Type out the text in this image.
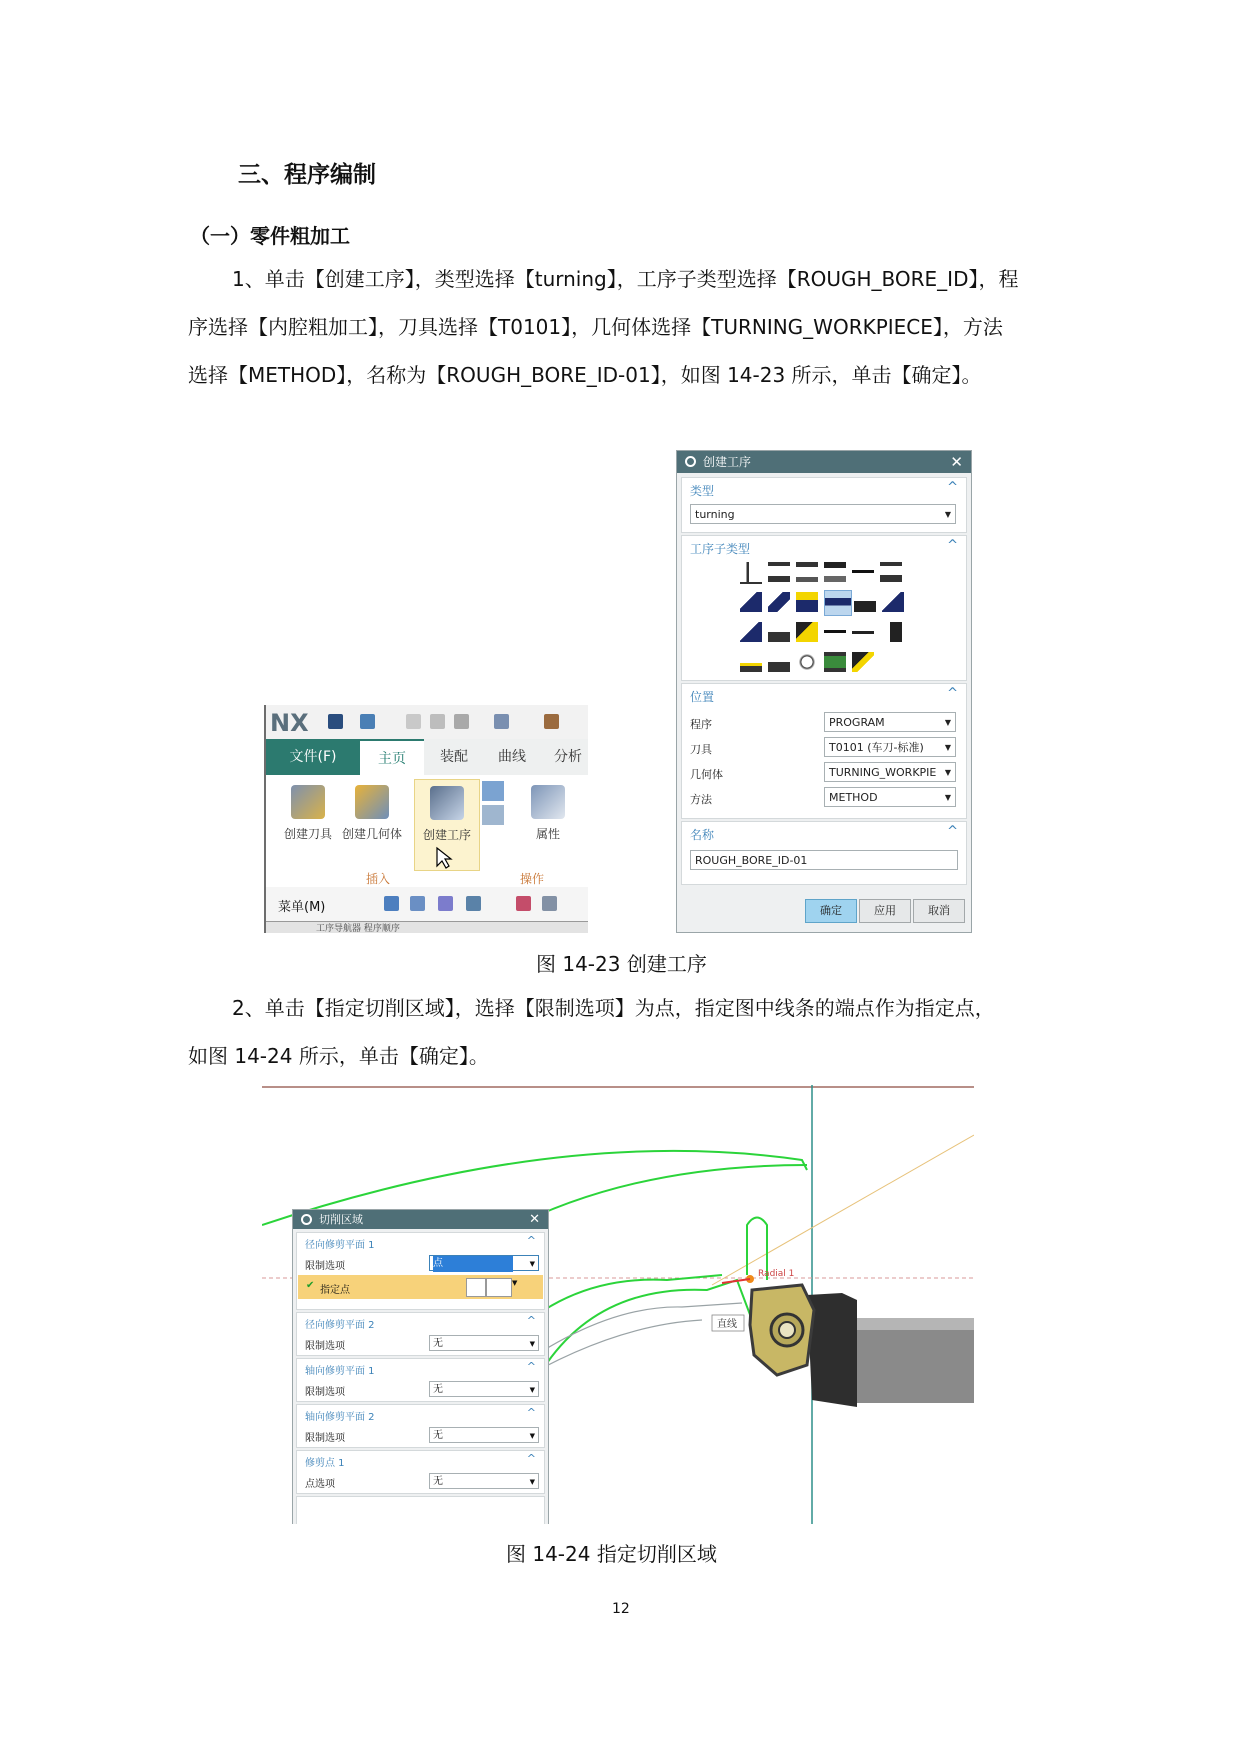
三、程序编制
（一）零件粗加工
1、单击【创建工序】，类型选择【turning】，工序子类型选择【ROUGH_BORE_ID】，程
序选择【内腔粗加工】，刀具选择【T0101】，几何体选择【TURNING_WORKPIECE】，方法
选择【METHOD】，名称为【ROUGH_BORE_ID-01】，如图 14-23 所示，单击【确定】。
NX
文件(F)	主页	装配	曲线	分析
创建刀具 创建几何体	创建工序	属性
插入	操作
菜单(M)
工序导航器 程序顺序
创建工序	✕
类型	^
turning	▼
工序子类型	^
位置	^
程序	PROGRAM	▼
刀具	T0101 (车刀-标准)	▼
几何体	TURNING_WORKPIE ▼
方法	METHOD	▼
名称	^
ROUGH_BORE_ID-01
确定	应用	取消
图 14-23 创建工序
2、单击【指定切削区域】，选择【限制选项】为点，指定图中线条的端点作为指定点，
如图 14-24 所示，单击【确定】。
直线
Radial 1
切削区域	✕
径向修剪平面 1	^
限制选项	点	▼
✔ 指定点
▼
径向修剪平面 2	^
限制选项	无	▼
轴向修剪平面 1	^
限制选项	无	▼
轴向修剪平面 2	^
限制选项	无	▼
修剪点 1	^
点选项	无	▼
图 14-24 指定切削区域
12
